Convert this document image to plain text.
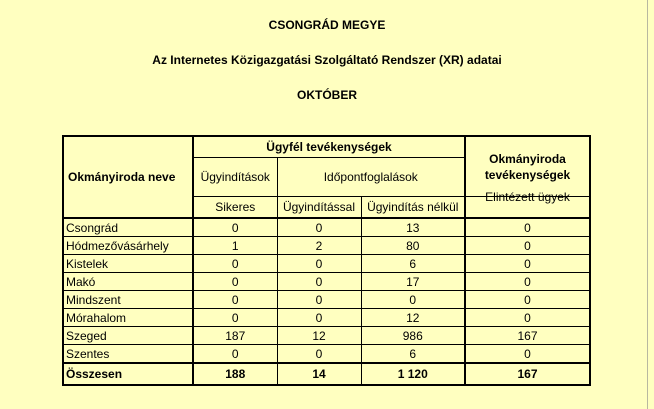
CSONGRÁD MEGYE
Az Internetes Közigazgatási Szolgáltató Rendszer (XR) adatai
OKTÓBER
Okmányiroda neve	Ügyfél tevékenységek			Okmányiroda tevékenységek
	Ügyindítások	Időpontfoglalások		
	Sikeres	Ügyindítással	Ügyindítás nélkül	Elintézett ügyek
Csongrád	0	0	13	0
Hódmezővásárhely	1	2	80	0
Kistelek	0	0	6	0
Makó	0	0	17	0
Mindszent	0	0	0	0
Mórahalom	0	0	12	0
Szeged	187	12	986	167
Szentes	0	0	6	0
Összesen	188	14	1 120	167
